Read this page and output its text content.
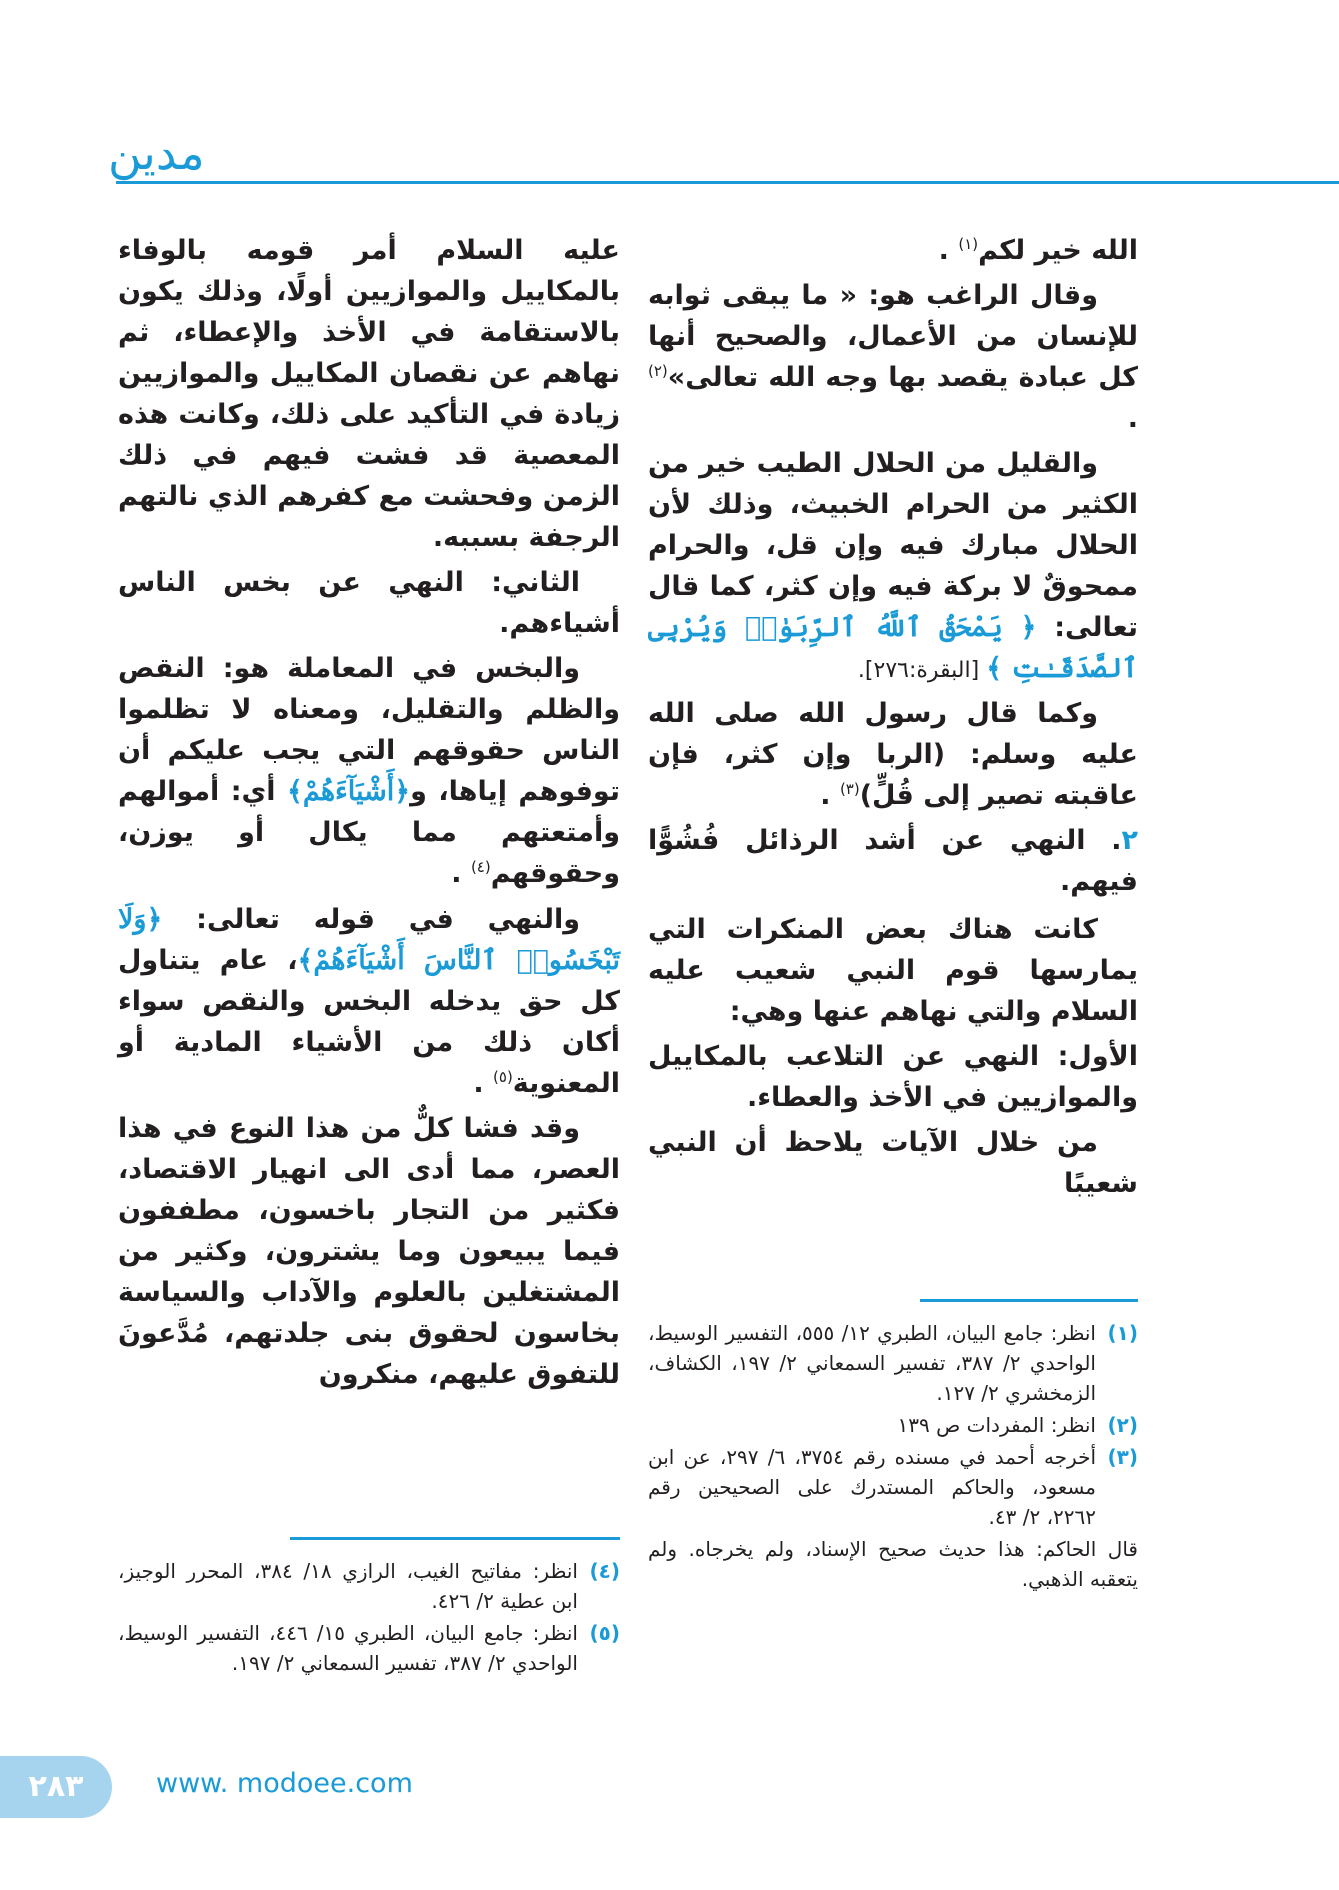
مدين

الله خير لكم$^{(١)}$ .

وقال الراغب هو: « ما يبقى ثوابه للإنسان من الأعمال، والصحيح أنها كل عبادة يقصد بها وجه الله تعالى»$^{(٢)}$ .

والقليل من الحلال الطيب خير من الكثير من الحرام الخبيث، وذلك لأن الحلال مبارك فيه وإن قل، والحرام ممحوقٌ لا بركة فيه وإن كثر، كما قال تعالى: ﴿ يَمْحَقُ ٱللَّهُ ٱلرِّبَوٰا۟ وَيُرْبِى ٱلصَّدَقَـٰتِ ﴾ [البقرة:٢٧٦].

وكما قال رسول الله صلى الله عليه وسلم: (الربا وإن كثر، فإن عاقبته تصير إلى قُلٍّ)$^{(٣)}$ .

٢. النهي عن أشد الرذائل فُشُوًّا فيهم.

كانت هناك بعض المنكرات التي يمارسها قوم النبي شعيب عليه السلام والتي نهاهم عنها وهي:

الأول: النهي عن التلاعب بالمكاييل والموازيين في الأخذ والعطاء.

من خلال الآيات يلاحظ أن النبي شعيبًا

عليه السلام أمر قومه بالوفاء بالمكاييل والموازيين أولًا، وذلك يكون بالاستقامة في الأخذ والإعطاء، ثم نهاهم عن نقصان المكاييل والموازيين زيادة في التأكيد على ذلك، وكانت هذه المعصية قد فشت فيهم في ذلك الزمن وفحشت مع كفرهم الذي نالتهم الرجفة بسببه.

الثاني: النهي عن بخس الناس أشياءهم.

والبخس في المعاملة هو: النقص والظلم والتقليل، ومعناه لا تظلموا الناس حقوقهم التي يجب عليكم أن توفوهم إياها، و﴿أَشْيَآءَهُمْ﴾ أي: أموالهم وأمتعتهم مما يكال أو يوزن، وحقوقهم$^{(٤)}$ .

والنهي في قوله تعالى: ﴿وَلَا تَبْخَسُوا۟ ٱلنَّاسَ أَشْيَآءَهُمْ﴾، عام يتناول كل حق يدخله البخس والنقص سواء أكان ذلك من الأشياء المادية أو المعنوية$^{(٥)}$ .

وقد فشا كلٌّ من هذا النوع في هذا العصر، مما أدى الى انهيار الاقتصاد، فكثير من التجار باخسون، مطففون فيما يبيعون وما يشترون، وكثير من المشتغلين بالعلوم والآداب والسياسة بخاسون لحقوق بنى جلدتهم، مُدَّعونَ للتفوق عليهم، منكرون

(١)
انظر: جامع البيان، الطبري ١٢/ ٥٥٥، التفسير الوسيط، الواحدي ٢/ ٣٨٧، تفسير السمعاني ٢/ ١٩٧، الكشاف، الزمخشري ٢/ ١٢٧.
(٢)
انظر: المفردات ص ١٣٩
(٣)
أخرجه أحمد في مسنده رقم ٣٧٥٤، ٦/ ٢٩٧، عن ابن مسعود، والحاكم المستدرك على الصحيحين رقم ٢٢٦٢، ٢/ ٤٣.
قال الحاكم: هذا حديث صحيح الإسناد، ولم يخرجاه. ولم يتعقبه الذهبي.
(٤)
انظر: مفاتيح الغيب، الرازي ١٨/ ٣٨٤، المحرر الوجيز، ابن عطية ٢/ ٤٢٦.
(٥)
انظر: جامع البيان، الطبري ١٥/ ٤٤٦، التفسير الوسيط، الواحدي ٢/ ٣٨٧، تفسير السمعاني ٢/ ١٩٧.
٢٨٣	www. modoee.com
